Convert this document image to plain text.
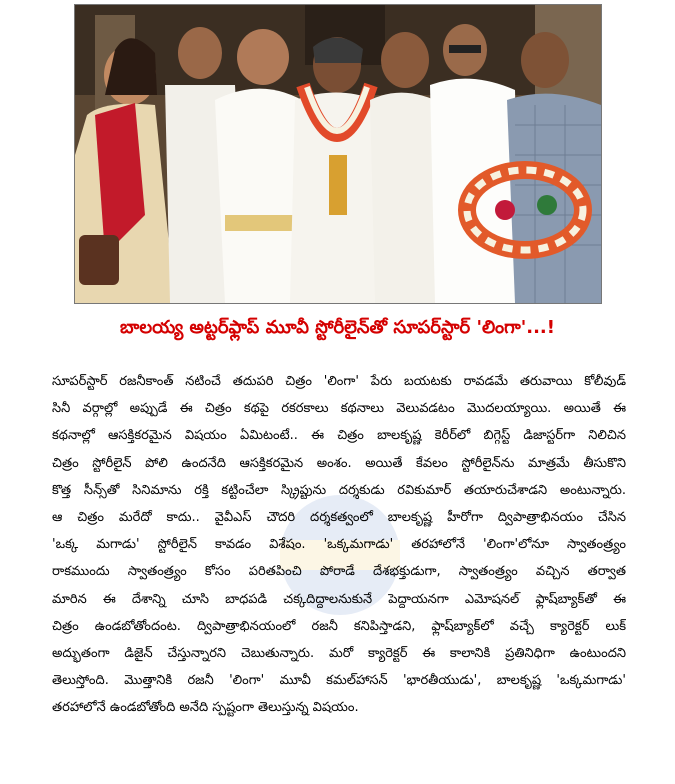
బాలయ్య అట్టర్‌ఫ్లాప్ మూవీ స్టోరీలైన్‌తో సూపర్‌స్టార్ 'లింగా'...!
సూపర్‌స్టార్ రజనీకాంత్ నటించే తదుపరి చిత్రం 'లింగా' పేరు బయటకు రావడమే తరువాయి కోలీవుడ్
సినీ వర్గాల్లో అప్పుడే ఈ చిత్రం కథపై రకరకాలు కథనాలు వెలువడటం మొదలయ్యాయి. అయితే ఈ
కథనాల్లో ఆసక్తికరమైన విషయం ఏమిటంటే.. ఈ చిత్రం బాలకృష్ణ కెరీర్‌లో బిగ్గెస్ట్ డిజాస్టర్‌గా నిలిచిన
చిత్రం స్టోరీలైన్ పోలి ఉందనేది ఆసక్తికరమైన అంశం. అయితే కేవలం స్టోరీలైన్‌ను మాత్రమే తీసుకొని
కొత్త సీన్స్‌తో సినిమాను రక్తి కట్టించేలా స్క్రిప్టును దర్శకుడు రవికుమార్ తయారుచేశాడని అంటున్నారు.
ఆ చిత్రం మరేదో కాదు.. వైవీఎస్ చౌదరి దర్శకత్వంలో బాలకృష్ణ హీరోగా ద్విపాత్రాభినయం చేసిన
'ఒక్క మగాడు' స్టోరీలైన్ కావడం విశేషం. 'ఒక్కమగాడు' తరహాలోనే 'లింగా'లోనూ స్వాతంత్ర్యం
రాకముందు స్వాతంత్ర్యం కోసం పరితపించి పోరాడే దేశభక్తుడుగా, స్వాతంత్ర్యం వచ్చిన తర్వాత
మారిన ఈ దేశాన్ని చూసి బాధపడి చక్కదిద్దాలనుకునే పెద్దాయనగా ఎమోషనల్ ఫ్లాష్‌బ్యాక్‌తో ఈ
చిత్రం ఉండబోతోందంట. ద్విపాత్రాభినయంలో రజనీ కనిపిస్తాడని, ఫ్లాష్‌బ్యాక్‌లో వచ్చే క్యారెక్టర్ లుక్
అద్భుతంగా డిజైన్ చేస్తున్నారని చెబుతున్నారు. మరో క్యారెక్టర్ ఈ కాలానికి ప్రతినిధిగా ఉంటుందని
తెలుస్తోంది. మొత్తానికి రజనీ 'లింగా' మూవీ కమల్‌హాసన్ 'భారతీయుడు', బాలకృష్ణ 'ఒక్కమగాడు'
తరహాలోనే ఉండబోతోంది అనేది స్పష్టంగా తెలుస్తున్న విషయం.
